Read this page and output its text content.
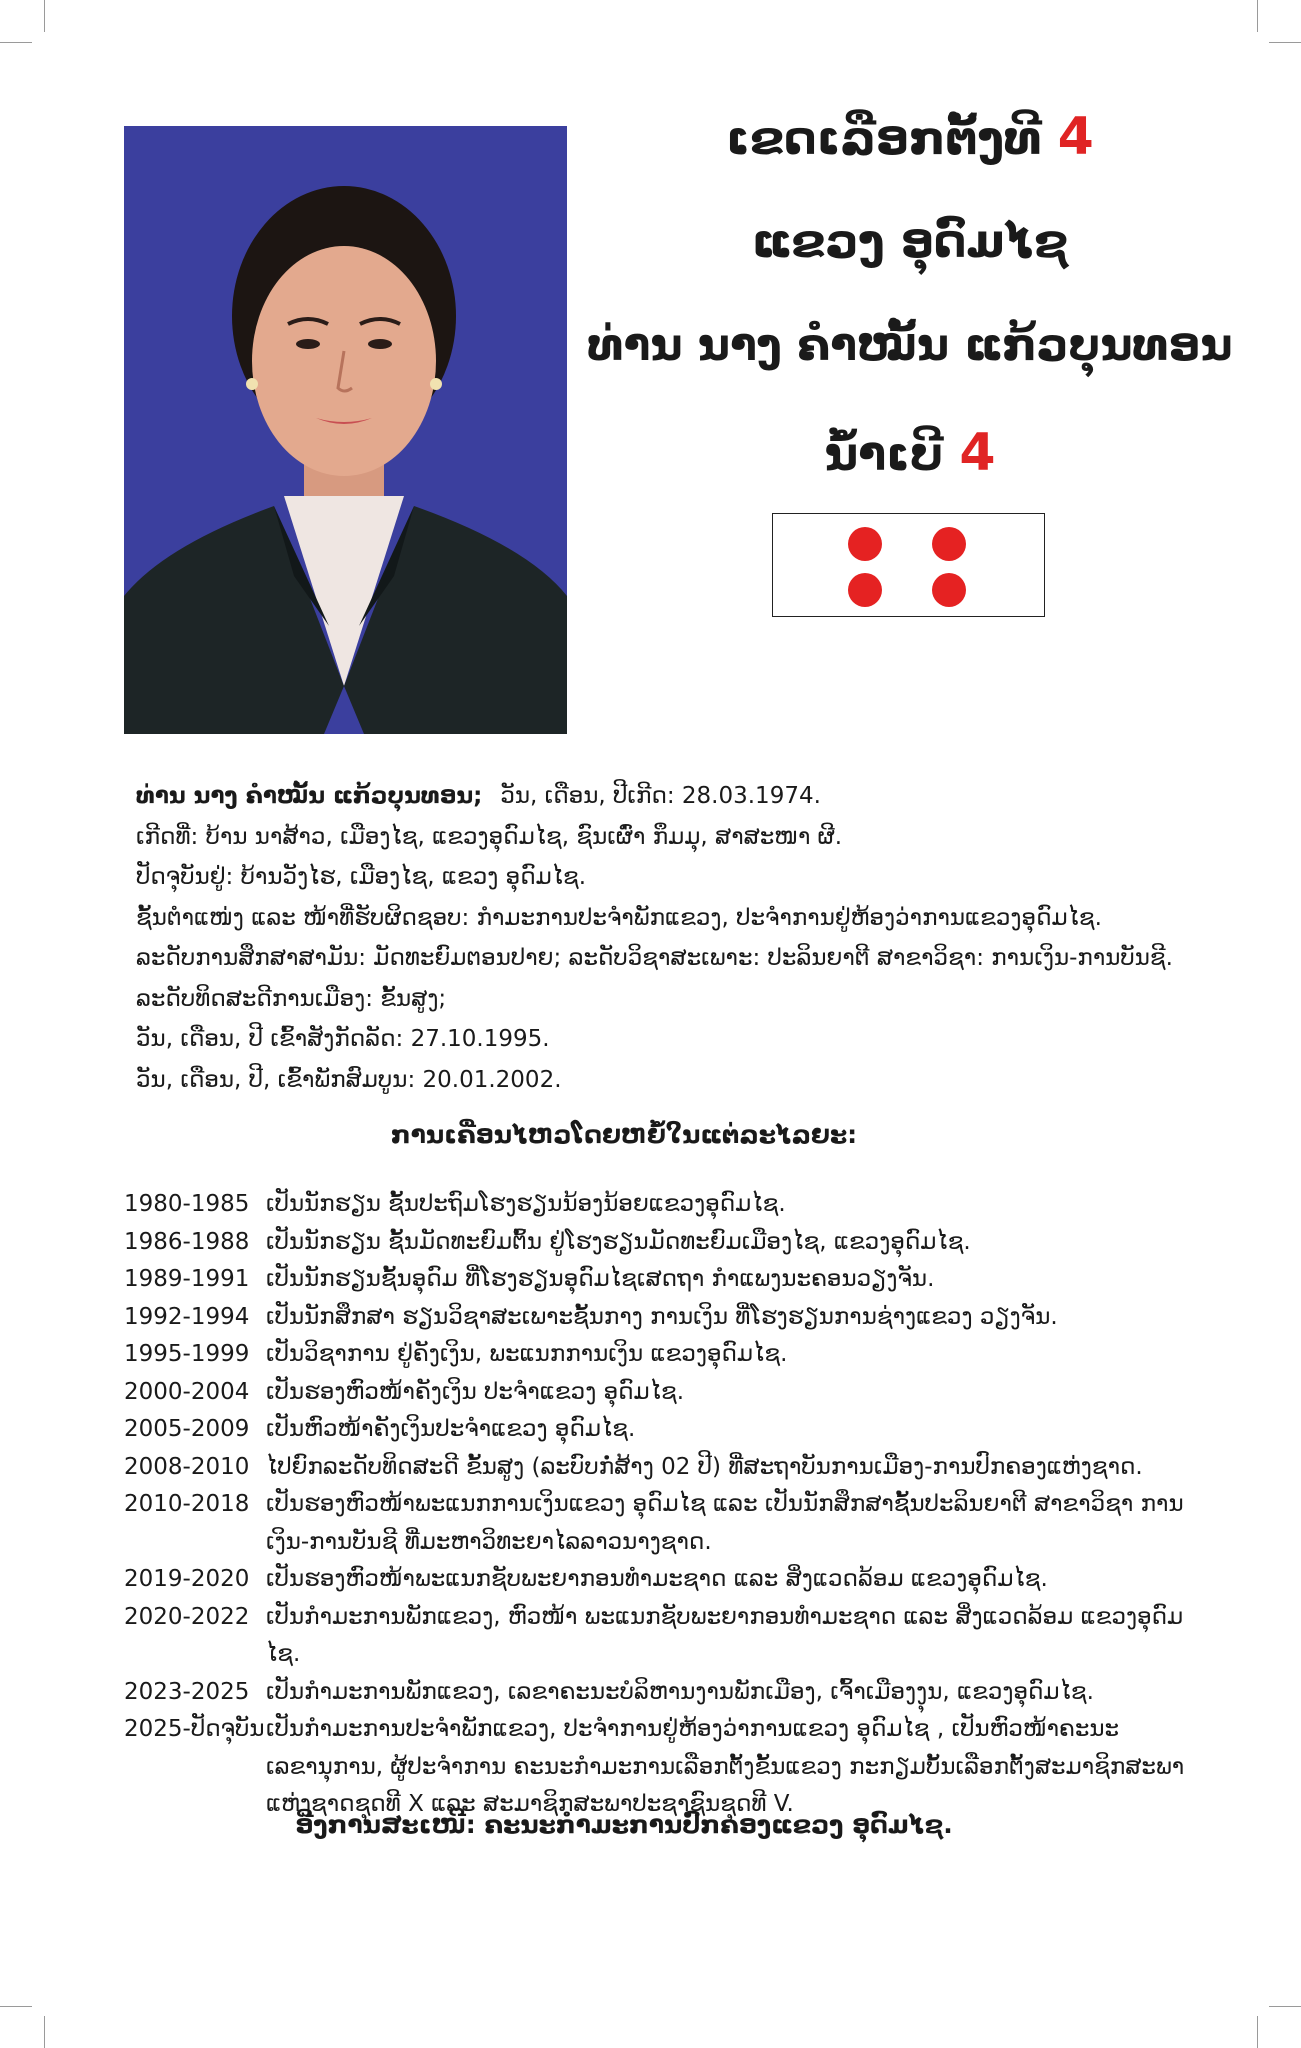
ເຂດເລືອກຕັ້ງທີ 4
ແຂວງ ອຸດົມໄຊ
ທ່ານ ນາງ ຄຳໝັ້ນ ແກ້ວບຸນທອນ
ນ້ຳເບີ 4
ທ່ານ ນາງ ຄຳໝັ້ນ ແກ້ວບຸນທອນ; ວັນ, ເດືອນ, ປີເກີດ: 28.03.1974.
ເກີດທີ່: ບ້ານ ນາສ້າວ, ເມືອງໄຊ, ແຂວງອຸດົມໄຊ, ຊົນເຜົ່າ ກຶມມຸ, ສາສະໜາ ຜີ.
ປັດຈຸບັນຢູ່: ບ້ານວັງໄຮ, ເມືອງໄຊ, ແຂວງ ອຸດົມໄຊ.
ຊັ້ນຕຳແໜ່ງ ແລະ ໜ້າທີ່ຮັບຜິດຊອບ: ກຳມະການປະຈຳພັກແຂວງ, ປະຈຳການຢູ່ຫ້ອງວ່າການແຂວງອຸດົມໄຊ.
ລະດັບການສຶກສາສາມັນ: ມັດທະຍົມຕອນປາຍ; ລະດັບວິຊາສະເພາະ: ປະລິນຍາຕີ ສາຂາວິຊາ: ການເງິນ-ການບັນຊີ.
ລະດັບທິດສະດີການເມືອງ: ຂັ້ນສູງ;
ວັນ, ເດືອນ, ປີ ເຂົ້າສັງກັດລັດ: 27.10.1995.
ວັນ, ເດືອນ, ປີ, ເຂົ້າພັກສົມບູນ: 20.01.2002.
ການເຄື່ອນໄຫວໂດຍຫຍໍ້ໃນແຕ່ລະໄລຍະ:
1980-1985 ເປັນນັກຮຽນ ຊັ້ນປະຖົມໂຮງຮຽນນ້ອງນ້ອຍແຂວງອຸດົມໄຊ.
1986-1988 ເປັນນັກຮຽນ ຊັ້ນມັດທະຍົມຕົ້ນ ຢູ່ໂຮງຮຽນມັດທະຍົມເມືອງໄຊ, ແຂວງອຸດົມໄຊ.
1989-1991 ເປັນນັກຮຽນຊັ້ນອຸດົມ ທີ່ໂຮງຮຽນອຸດົມໄຊເສດຖາ ກຳແພງນະຄອນວຽງຈັນ.
1992-1994 ເປັນນັກສຶກສາ ຮຽນວິຊາສະເພາະຊັ້ນກາງ ການເງິນ ທີ່ໂຮງຮຽນການຊ່າງແຂວງ ວຽງຈັນ.
1995-1999 ເປັນວິຊາການ ຢູ່ຄັງເງິນ, ພະແນກການເງິນ ແຂວງອຸດົມໄຊ.
2000-2004 ເປັນຮອງຫົວໜ້າຄັງເງິນ ປະຈຳແຂວງ ອຸດົມໄຊ.
2005-2009 ເປັນຫົວໜ້າຄັງເງິນປະຈຳແຂວງ ອຸດົມໄຊ.
2008-2010 ໄປຍົກລະດັບທິດສະດີ ຂັ້ນສູງ (ລະບົບກໍ່ສ້າງ 02 ປີ) ທີ່ສະຖາບັນການເມືອງ-ການປົກຄອງແຫ່ງຊາດ.
2010-2018 ເປັນຮອງຫົວໜ້າພະແນກການເງິນແຂວງ ອຸດົມໄຊ ແລະ ເປັນນັກສຶກສາຊັ້ນປະລິນຍາຕີ ສາຂາວິຊາ ການເງິນ-ການບັນຊີ ທີ່ມະຫາວິທະຍາໄລລາວນາງຊາດ.
2019-2020 ເປັນຮອງຫົວໜ້າພະແນກຊັບພະຍາກອນທຳມະຊາດ ແລະ ສິ່ງແວດລ້ອມ ແຂວງອຸດົມໄຊ.
2020-2022 ເປັນກຳມະການພັກແຂວງ, ຫົວໜ້າ ພະແນກຊັບພະຍາກອນທຳມະຊາດ ແລະ ສິ່ງແວດລ້ອມ ແຂວງອຸດົມໄຊ.
2023-2025 ເປັນກຳມະການພັກແຂວງ, ເລຂາຄະນະບໍລິຫານງານພັກເມືອງ, ເຈົ້າເມືອງງຸນ, ແຂວງອຸດົມໄຊ.
2025-ປັດຈຸບັນ ເປັນກຳມະການປະຈຳພັກແຂວງ, ປະຈຳການຢູ່ຫ້ອງວ່າການແຂວງ ອຸດົມໄຊ , ເປັນຫົວໜ້າຄະນະເລຂານຸການ, ຜູ້ປະຈຳການ ຄະນະກຳມະການເລືອກຕັ້ງຂັ້ນແຂວງ ກະກຽມບັ້ນເລືອກຕັ້ງສະມາຊິກສະພາແຫ່ງຊາດຊຸດທີ X ແລະ ສະມາຊິກສະພາປະຊາຊົນຊຸດທີ V.
ອີງການສະເໜີ: ຄະນະກຳມະການປົກຄອງແຂວງ ອຸດົມໄຊ.
